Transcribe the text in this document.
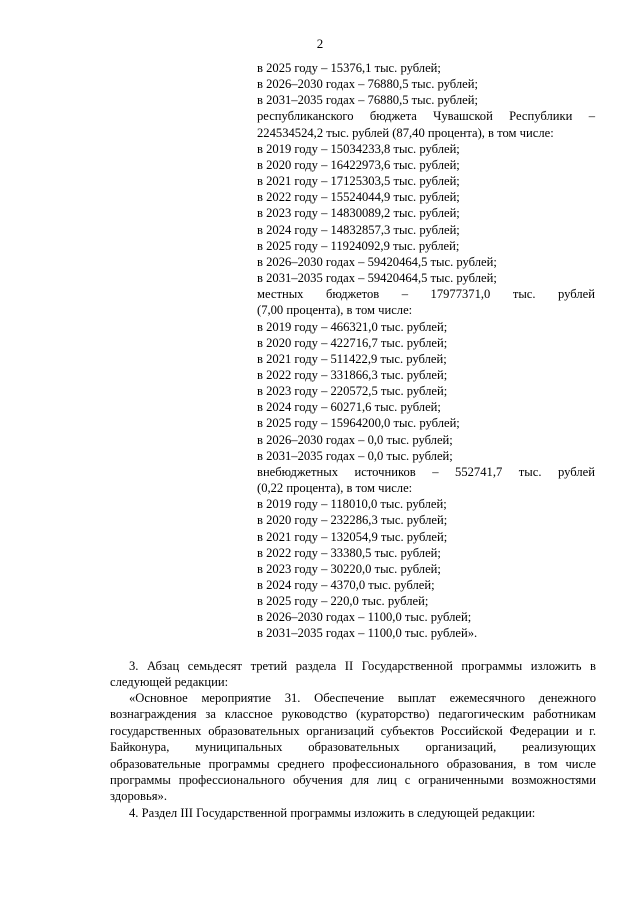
2
в 2025 году – 15376,1 тыс. рублей;
в 2026–2030 годах – 76880,5 тыс. рублей;
в 2031–2035 годах – 76880,5 тыс. рублей;
республиканского бюджета Чувашской Республики –
224534524,2 тыс. рублей (87,40 процента), в том числе:
в 2019 году – 15034233,8 тыс. рублей;
в 2020 году – 16422973,6 тыс. рублей;
в 2021 году – 17125303,5 тыс. рублей;
в 2022 году – 15524044,9 тыс. рублей;
в 2023 году – 14830089,2 тыс. рублей;
в 2024 году – 14832857,3 тыс. рублей;
в 2025 году – 11924092,9 тыс. рублей;
в 2026–2030 годах – 59420464,5 тыс. рублей;
в 2031–2035 годах – 59420464,5 тыс. рублей;
местных бюджетов – 17977371,0 тыс. рублей
(7,00 процента), в том числе:
в 2019 году – 466321,0 тыс. рублей;
в 2020 году – 422716,7 тыс. рублей;
в 2021 году – 511422,9 тыс. рублей;
в 2022 году – 331866,3 тыс. рублей;
в 2023 году – 220572,5 тыс. рублей;
в 2024 году – 60271,6 тыс. рублей;
в 2025 году – 15964200,0 тыс. рублей;
в 2026–2030 годах – 0,0 тыс. рублей;
в 2031–2035 годах – 0,0 тыс. рублей;
внебюджетных источников – 552741,7 тыс. рублей
(0,22 процента), в том числе:
в 2019 году – 118010,0 тыс. рублей;
в 2020 году – 232286,3 тыс. рублей;
в 2021 году – 132054,9 тыс. рублей;
в 2022 году – 33380,5 тыс. рублей;
в 2023 году – 30220,0 тыс. рублей;
в 2024 году – 4370,0 тыс. рублей;
в 2025 году – 220,0 тыс. рублей;
в 2026–2030 годах – 1100,0 тыс. рублей;
в 2031–2035 годах – 1100,0 тыс. рублей».
3. Абзац семьдесят третий раздела II Государственной программы изложить в следующей редакции:
«Основное мероприятие 31. Обеспечение выплат ежемесячного денежного вознаграждения за классное руководство (кураторство) педагогическим работникам государственных образовательных организаций субъектов Российской Федерации и г. Байконура, муниципальных образовательных организаций, реализующих образовательные программы среднего профессионального образования, в том числе программы профессионального обучения для лиц с ограниченными возможностями здоровья».
4. Раздел III Государственной программы изложить в следующей редакции:
